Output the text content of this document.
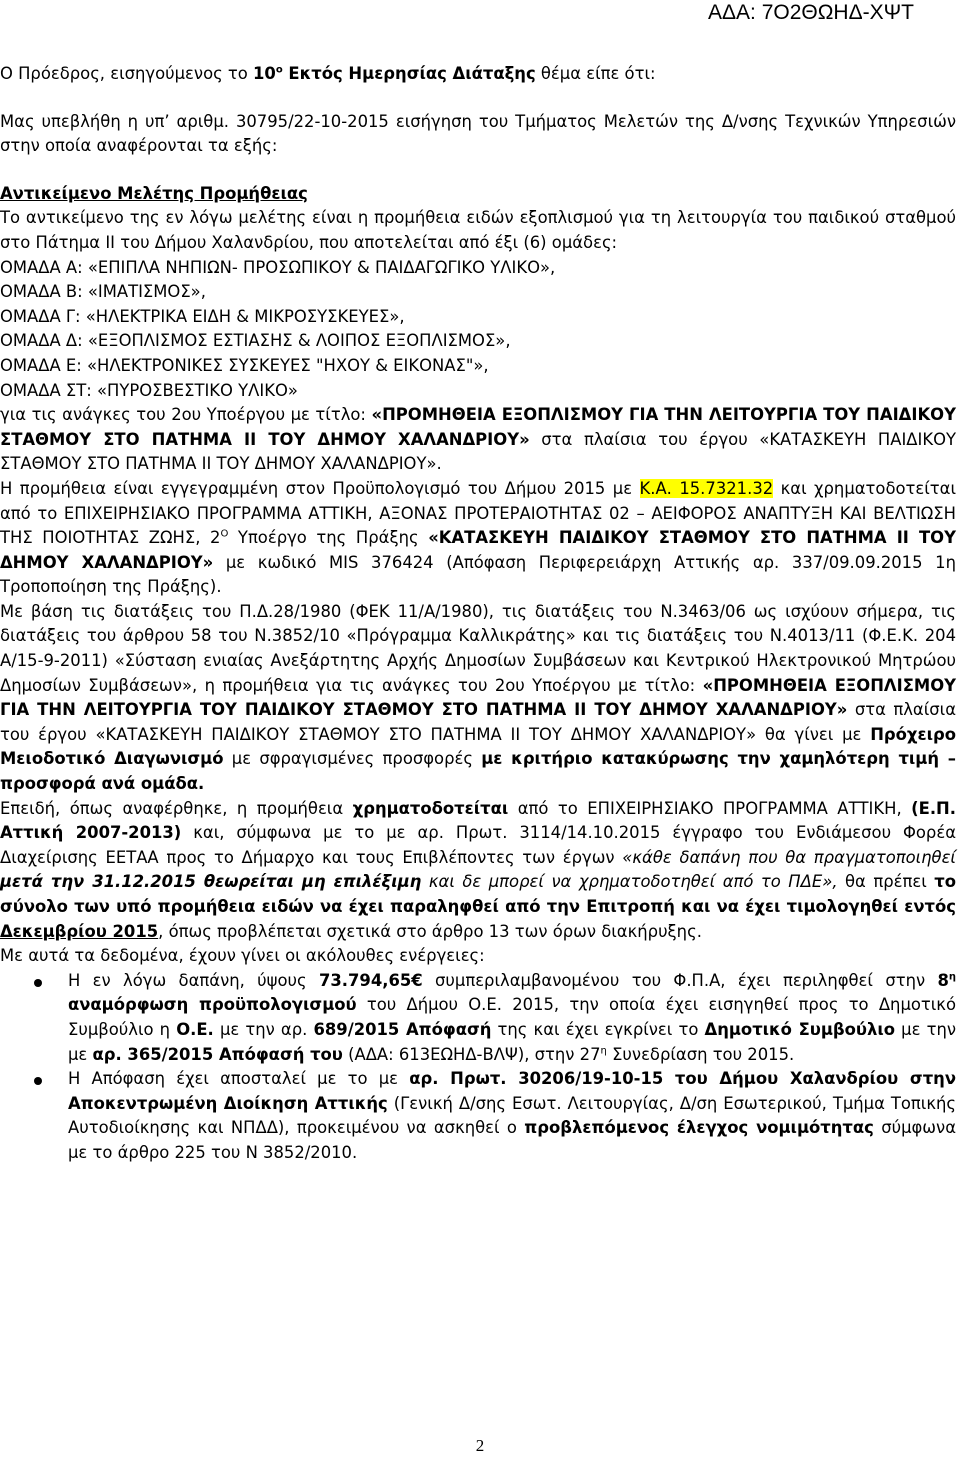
ΑΔΑ: 7Ο2ΘΩΗΔ-ΧΨΤ

Ο Πρόεδρος, εισηγούμενος το $10^o$ Εκτός Ημερησίας Διάταξης θέμα είπε ότι:

Μας υπεβλήθη η υπ’ αριθμ. 30795/22-10-2015 εισήγηση του Τμήματος Μελετών της Δ/νσης Τεχνικών Υπηρεσιών στην οποία αναφέρονται τα εξής:

Αντικείμενο Μελέτης Προμήθειας

Το αντικείμενο της εν λόγω μελέτης είναι η προμήθεια ειδών εξοπλισμού για τη λειτουργία του παιδικού σταθμού στο Πάτημα ΙΙ του Δήμου Χαλανδρίου, που αποτελείται από έξι (6) ομάδες:

ΟΜΑΔΑ Α: «ΕΠΙΠΛΑ ΝΗΠΙΩΝ- ΠΡΟΣΩΠΙΚΟΥ & ΠΑΙΔΑΓΩΓΙΚΟ ΥΛΙΚΟ»,

ΟΜΑΔΑ Β: «ΙΜΑΤΙΣΜΟΣ»,

ΟΜΑΔΑ Γ: «ΗΛΕΚΤΡΙΚΑ ΕΙΔΗ & ΜΙΚΡΟΣΥΣΚΕΥΕΣ»,

ΟΜΑΔΑ Δ: «ΕΞΟΠΛΙΣΜΟΣ ΕΣΤΙΑΣΗΣ & ΛΟΙΠΟΣ ΕΞΟΠΛΙΣΜΟΣ»,

ΟΜΑΔΑ Ε: «ΗΛΕΚΤΡΟΝΙΚΕΣ ΣΥΣΚΕΥΕΣ "ΗΧΟΥ & ΕΙΚΟΝΑΣ"»,

ΟΜΑΔΑ ΣΤ: «ΠΥΡΟΣΒΕΣΤΙΚΟ ΥΛΙΚΟ»

για τις ανάγκες του 2ου Υποέργου με τίτλο: «ΠΡΟΜΗΘΕΙΑ ΕΞΟΠΛΙΣΜΟΥ ΓΙΑ ΤΗΝ ΛΕΙΤΟΥΡΓΙΑ ΤΟΥ ΠΑΙΔΙΚΟΥ ΣΤΑΘΜΟΥ ΣΤΟ ΠΑΤΗΜΑ ΙΙ ΤΟΥ ΔΗΜΟΥ ΧΑΛΑΝΔΡΙΟΥ» στα πλαίσια του έργου «ΚΑΤΑΣΚΕΥΗ ΠΑΙΔΙΚΟΥ ΣΤΑΘΜΟΥ ΣΤΟ ΠΑΤΗΜΑ ΙΙ ΤΟΥ ΔΗΜΟΥ ΧΑΛΑΝΔΡΙΟΥ».

Η προμήθεια είναι εγγεγραμμένη στον Προϋπολογισμό του Δήμου 2015 με Κ.Α. 15.7321.32 και χρηματοδοτείται από το ΕΠΙΧΕΙΡΗΣΙΑΚΟ ΠΡΟΓΡΑΜΜΑ ΑΤΤΙΚΗ, ΑΞΟΝΑΣ ΠΡΟΤΕΡΑΙΟΤΗΤΑΣ 02 – ΑΕΙΦΟΡΟΣ ΑΝΑΠΤΥΞΗ ΚΑΙ ΒΕΛΤΙΩΣΗ ΤΗΣ ΠΟΙΟΤΗΤΑΣ ΖΩΗΣ, $2^O$ Υποέργο της Πράξης «ΚΑΤΑΣΚΕΥΗ ΠΑΙΔΙΚΟΥ ΣΤΑΘΜΟΥ ΣΤΟ ΠΑΤΗΜΑ ΙΙ ΤΟΥ ΔΗΜΟΥ ΧΑΛΑΝΔΡΙΟΥ» με κωδικό MIS 376424 (Απόφαση Περιφερειάρχη Αττικής αρ. 337/09.09.2015 1η Τροποποίηση της Πράξης).

Με βάση τις διατάξεις του Π.Δ.28/1980 (ΦΕΚ 11/Α/1980), τις διατάξεις του Ν.3463/06 ως ισχύουν σήμερα, τις διατάξεις του άρθρου 58 του Ν.3852/10 «Πρόγραμμα Καλλικράτης» και τις διατάξεις του Ν.4013/11 (Φ.Ε.Κ. 204 Α/15-9-2011) «Σύσταση ενιαίας Ανεξάρτητης Αρχής Δημοσίων Συμβάσεων και Κεντρικού Ηλεκτρονικού Μητρώου Δημοσίων Συμβάσεων», η προμήθεια για τις ανάγκες του 2ου Υποέργου με τίτλο: «ΠΡΟΜΗΘΕΙΑ ΕΞΟΠΛΙΣΜΟΥ ΓΙΑ ΤΗΝ ΛΕΙΤΟΥΡΓΙΑ ΤΟΥ ΠΑΙΔΙΚΟΥ ΣΤΑΘΜΟΥ ΣΤΟ ΠΑΤΗΜΑ ΙΙ ΤΟΥ ΔΗΜΟΥ ΧΑΛΑΝΔΡΙΟΥ» στα πλαίσια του έργου «ΚΑΤΑΣΚΕΥΗ ΠΑΙΔΙΚΟΥ ΣΤΑΘΜΟΥ ΣΤΟ ΠΑΤΗΜΑ ΙΙ ΤΟΥ ΔΗΜΟΥ ΧΑΛΑΝΔΡΙΟΥ» θα γίνει με Πρόχειρο Μειοδοτικό Διαγωνισμό με σφραγισμένες προσφορές με κριτήριο κατακύρωσης την χαμηλότερη τιμή – προσφορά ανά ομάδα.

Επειδή, όπως αναφέρθηκε, η προμήθεια χρηματοδοτείται από το ΕΠΙΧΕΙΡΗΣΙΑΚΟ ΠΡΟΓΡΑΜΜΑ ΑΤΤΙΚΗ, (Ε.Π. Αττική 2007-2013) και, σύμφωνα με το με αρ. Πρωτ. 3114/14.10.2015 έγγραφο του Ενδιάμεσου Φορέα Διαχείρισης ΕΕΤΑΑ προς το Δήμαρχο και τους Επιβλέποντες των έργων «κάθε δαπάνη που θα πραγματοποιηθεί μετά την 31.12.2015 θεωρείται μη επιλέξιμη και δε μπορεί να χρηματοδοτηθεί από το ΠΔΕ», θα πρέπει το σύνολο των υπό προμήθεια ειδών να έχει παραληφθεί από την Επιτροπή και να έχει τιμολογηθεί εντός Δεκεμβρίου 2015, όπως προβλέπεται σχετικά στο άρθρο 13 των όρων διακήρυξης.

Με αυτά τα δεδομένα, έχουν γίνει οι ακόλουθες ενέργειες:

Η εν λόγω δαπάνη, ύψους 73.794,65€ συμπεριλαμβανομένου του Φ.Π.Α, έχει περιληφθεί στην $8^\eta$ αναμόρφωση προϋπολογισμού του Δήμου Ο.Ε. 2015, την οποία έχει εισηγηθεί προς το Δημοτικό Συμβούλιο η Ο.Ε. με την αρ. 689/2015 Απόφασή της και έχει εγκρίνει το Δημοτικό Συμβούλιο με την με αρ. 365/2015 Απόφασή του (ΑΔΑ: 613ΕΩΗΔ-ΒΛΨ), στην $27^\eta$ Συνεδρίαση του 2015.
Η Απόφαση έχει αποσταλεί με το με αρ. Πρωτ. 30206/19-10-15 του Δήμου Χαλανδρίου στην Αποκεντρωμένη Διοίκηση Αττικής (Γενική Δ/σης Εσωτ. Λειτουργίας, Δ/ση Εσωτερικού, Τμήμα Τοπικής Αυτοδιοίκησης και ΝΠΔΔ), προκειμένου να ασκηθεί ο προβλεπόμενος έλεγχος νομιμότητας σύμφωνα με το άρθρο 225 του Ν 3852/2010.
2
